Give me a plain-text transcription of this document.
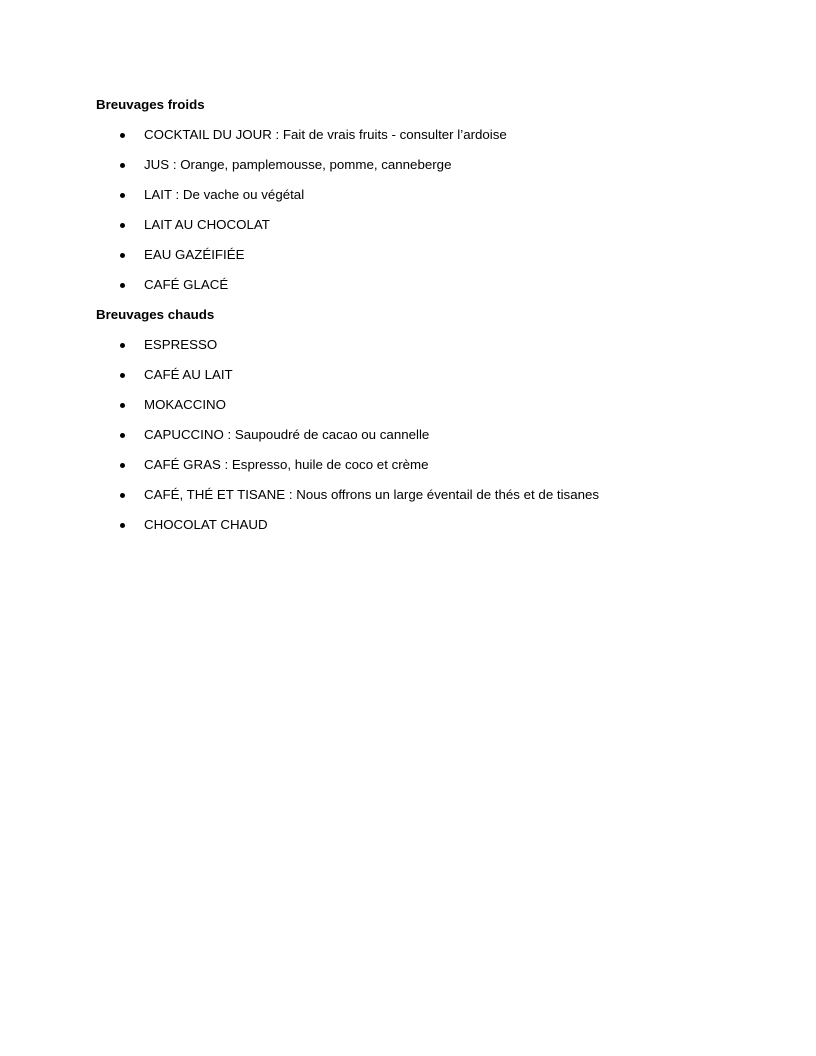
Breuvages froids
COCKTAIL DU JOUR : Fait de vrais fruits - consulter l’ardoise
JUS : Orange, pamplemousse, pomme, canneberge
LAIT : De vache ou végétal
LAIT AU CHOCOLAT
EAU GAZÉIFIÉE
CAFÉ GLACÉ
Breuvages chauds
ESPRESSO
CAFÉ AU LAIT
MOKACCINO
CAPUCCINO : Saupoudré de cacao ou cannelle
CAFÉ GRAS : Espresso, huile de coco et crème
CAFÉ, THÉ ET TISANE : Nous offrons un large éventail de thés et de tisanes
CHOCOLAT CHAUD
